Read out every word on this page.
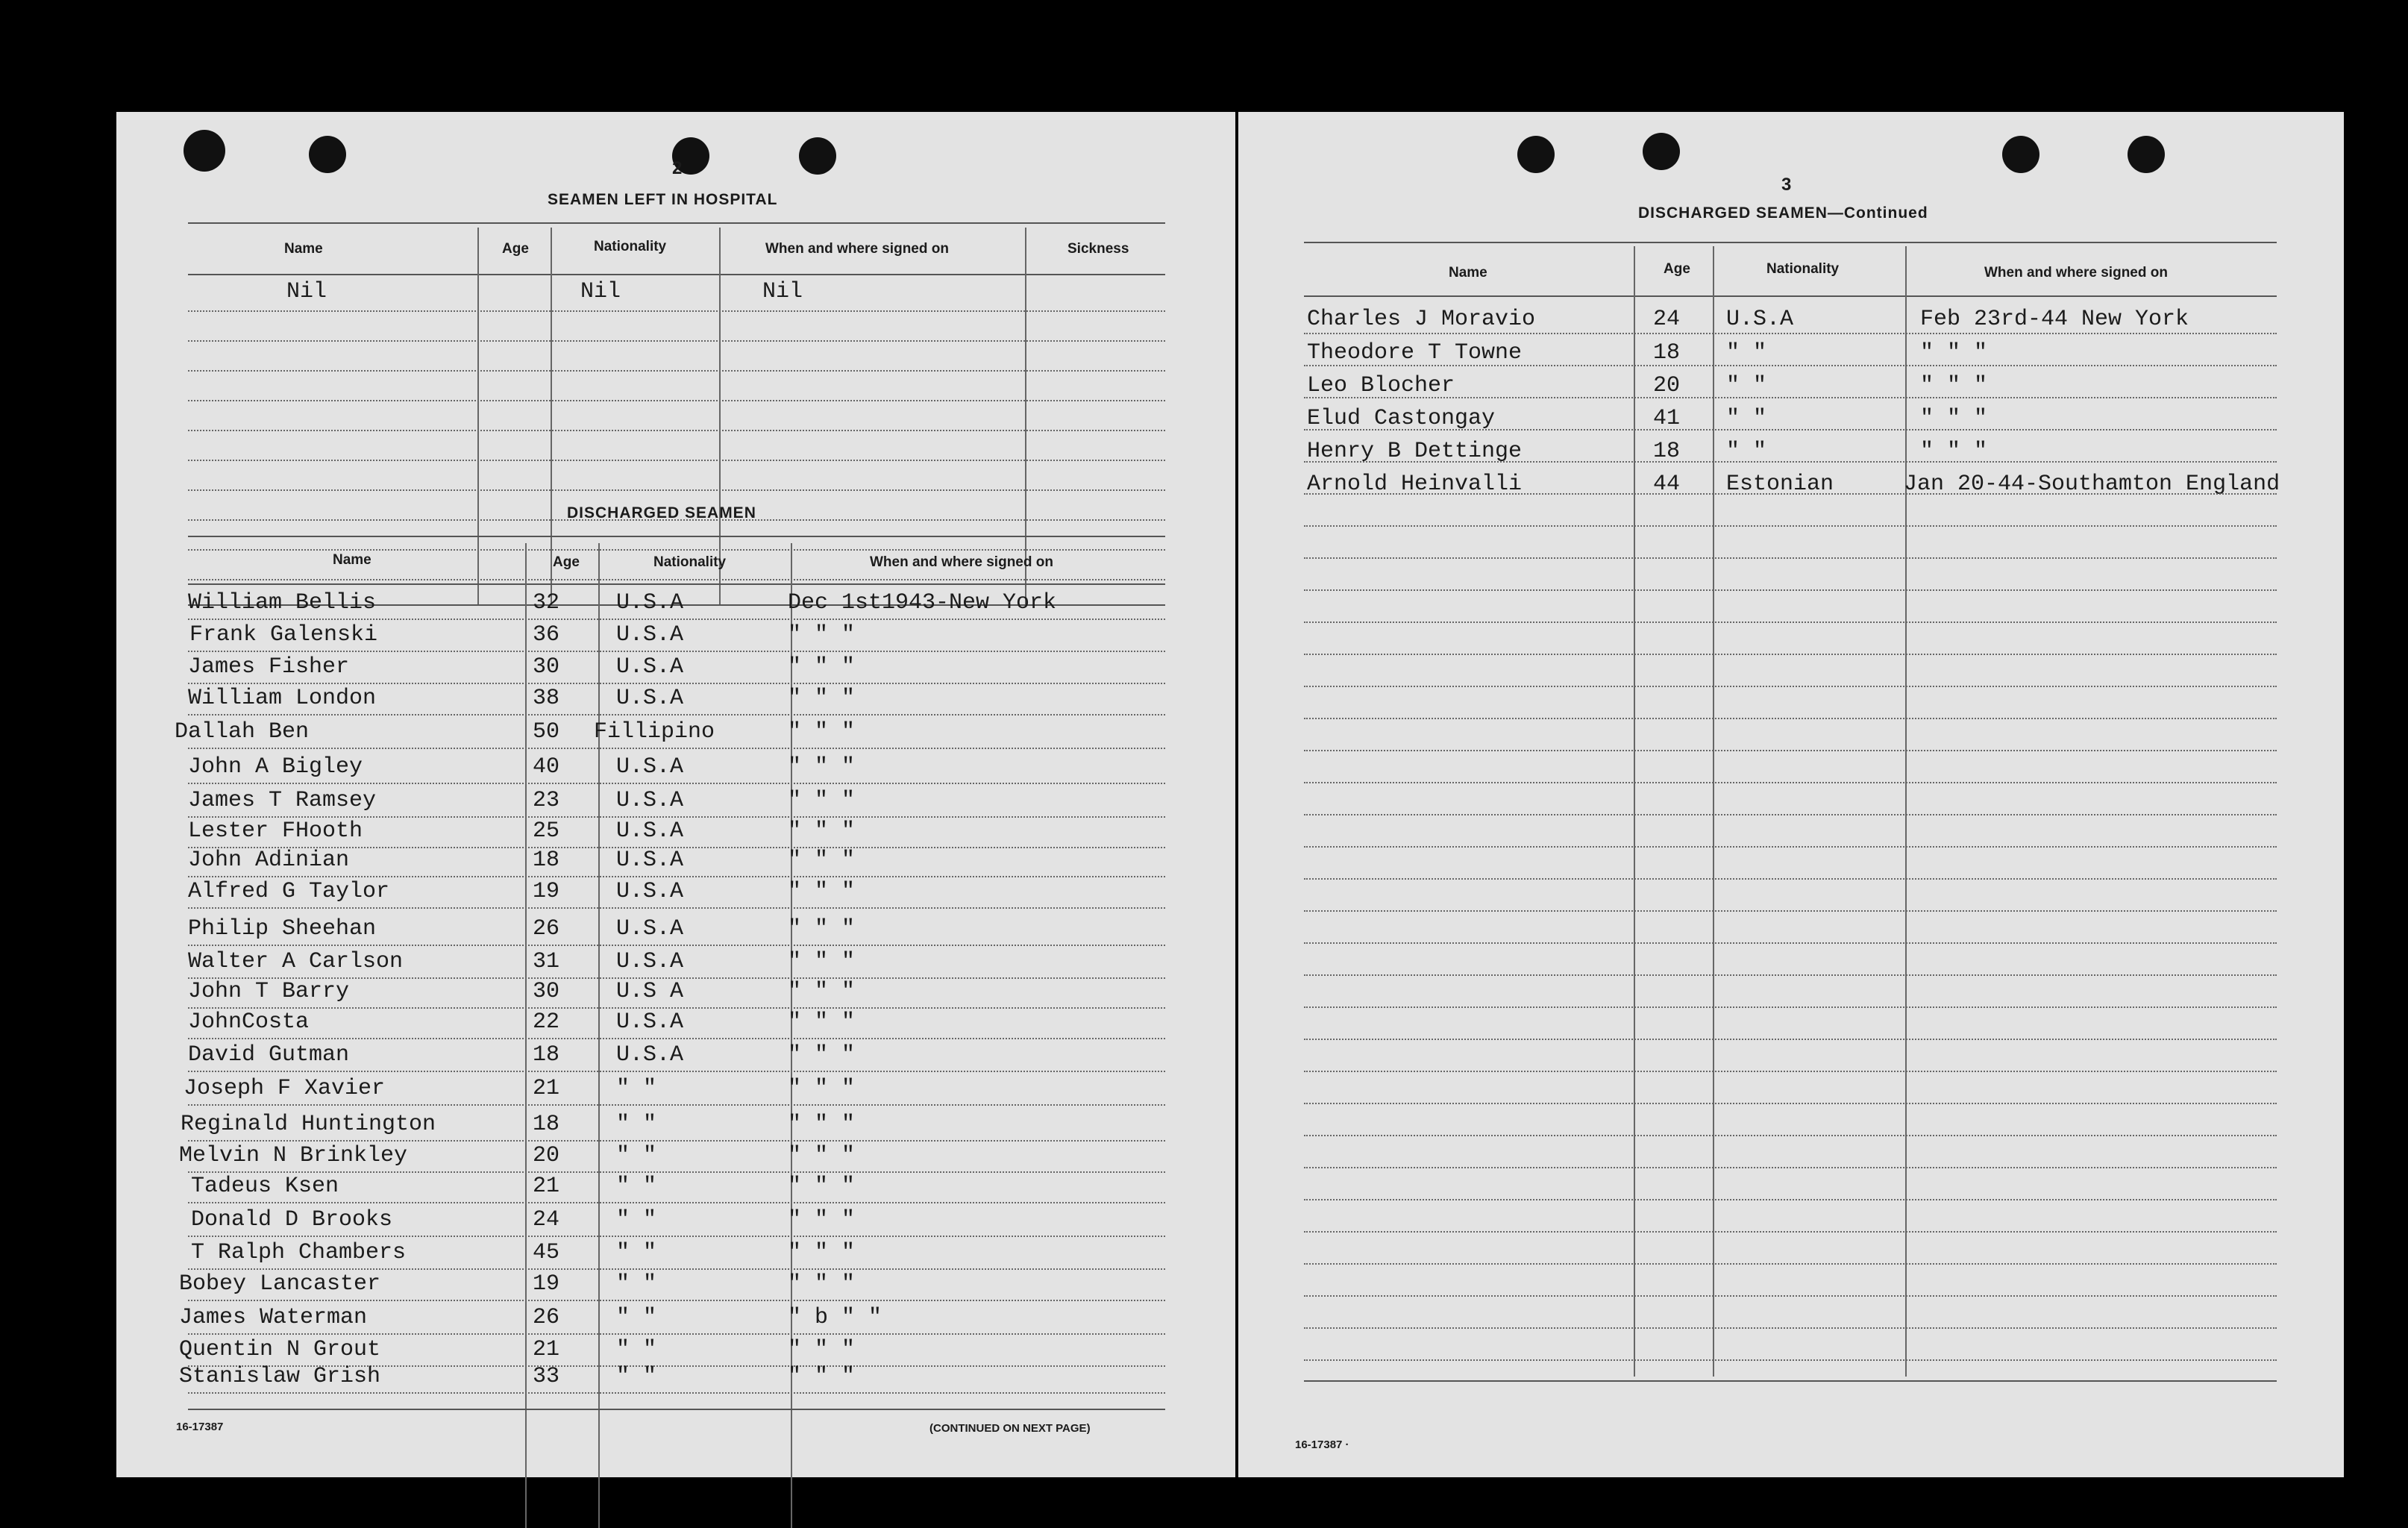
2
SEAMEN LEFT IN HOSPITAL
Name	Age	Nationality	When and where signed on	Sickness
Nil	Nil	Nil
DISCHARGED SEAMEN
Name	Age	Nationality	When and where signed on
William Bellis	32	U.S.A	Dec 1st1943-New York
Frank Galenski	36	U.S.A	" " "
James Fisher	30	U.S.A	" " "
William London	38	U.S.A	" " "
Dallah Ben	50 Fillipino	" " "
John A Bigley	40	U.S.A	" " "
James T Ramsey	23	U.S.A	" " "
Lester FHooth	25	U.S.A	" " "
John Adinian	18	U.S.A	" " "
Alfred G Taylor	19	U.S.A	" " "
Philip Sheehan	26	U.S.A	" " "
Walter A Carlson	31	U.S.A	" " "
John T Barry	30	U.S A	" " "
JohnCosta	22	U.S.A	" " "
David Gutman	18	U.S.A	" " "
Joseph F Xavier	21	" "	" " "
Reginald Huntington	18	" "	" " "
Melvin N Brinkley	20	" "	" " "
Tadeus Ksen	21	" "	" " "
Donald D Brooks	24	" "	" " "
T Ralph Chambers	45	" "	" " "
Bobey Lancaster	19	" "	" " "
James Waterman	26	" "	" b " "
Quentin N Grout	21	" "	" " "
Stanislaw Grish	33	" "	" " "
16-17387	(CONTINUED ON NEXT PAGE)
3
DISCHARGED SEAMEN—Continued
Name	Age	Nationality	When and where signed on
Charles J Moravio	24 U.S.A	Feb 23rd-44 New York
Theodore T Towne	18 " "	" " "
Leo Blocher	20 " "	" " "
Elud Castongay	41 " "	" " "
Henry B Dettinge	18 " "	" " "
Arnold Heinvalli	44 Estonian	Jan 20-44-Southamton England
16-17387 ·
